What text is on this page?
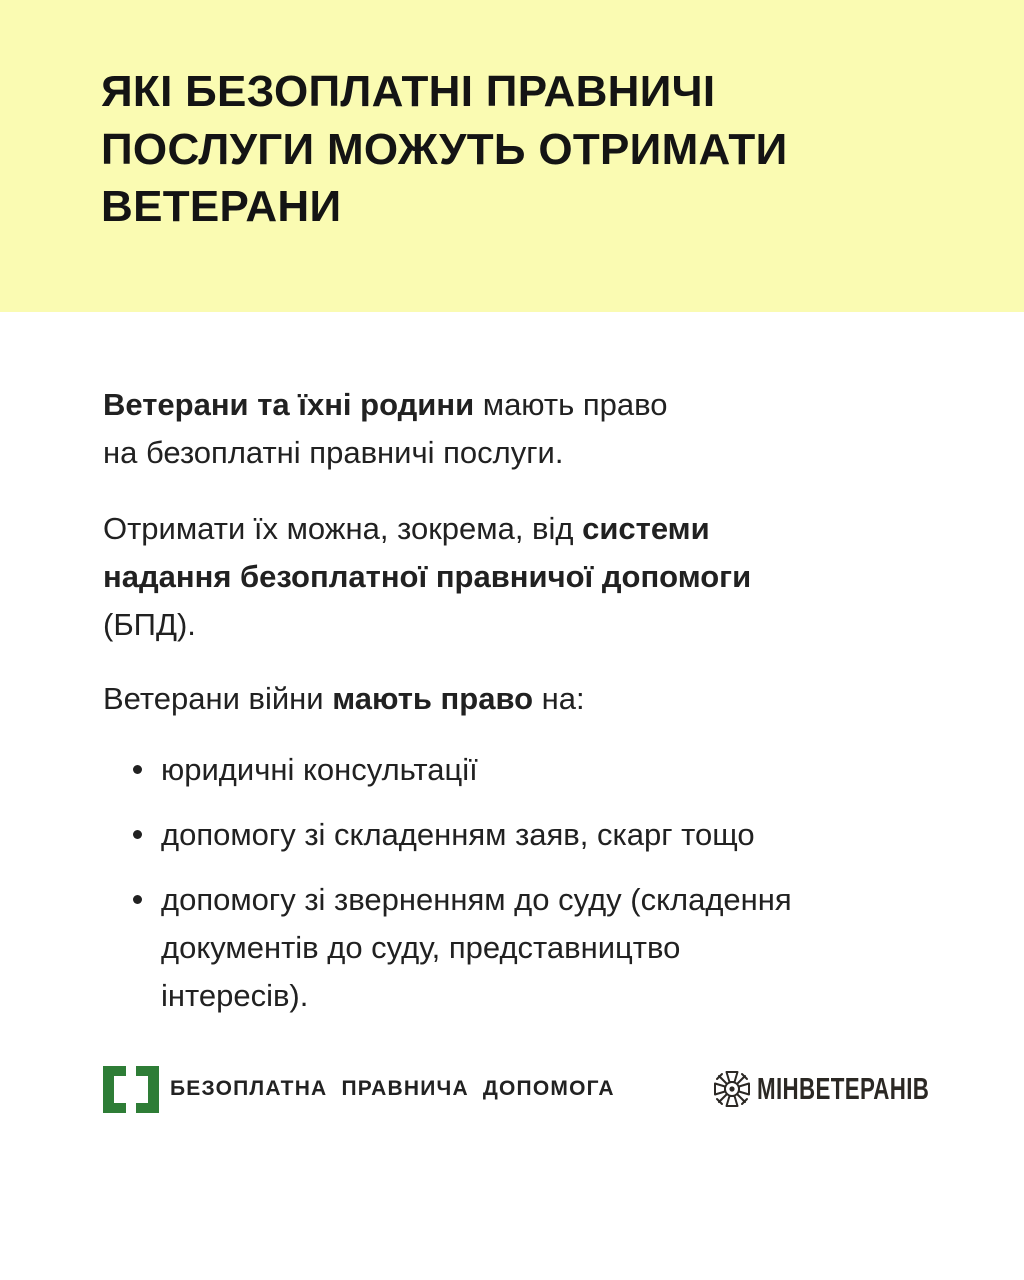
ЯКІ БЕЗОПЛАТНІ ПРАВНИЧІ
ПОСЛУГИ МОЖУТЬ ОТРИМАТИ
ВЕТЕРАНИ
Ветерани та їхні родини мають право
на безоплатні правничі послуги.
Отримати їх можна, зокрема, від системи
надання безоплатної правничої допомоги
(БПД).
Ветерани війни мають право на:
юридичні консультації
допомогу зі складенням заяв, скарг тощо
допомогу зі зверненням до суду (складення
документів до суду, представництво
інтересів).
БЕЗОПЛАТНА ПРАВНИЧА ДОПОМОГА	МІНВЕТЕРАНІВ
